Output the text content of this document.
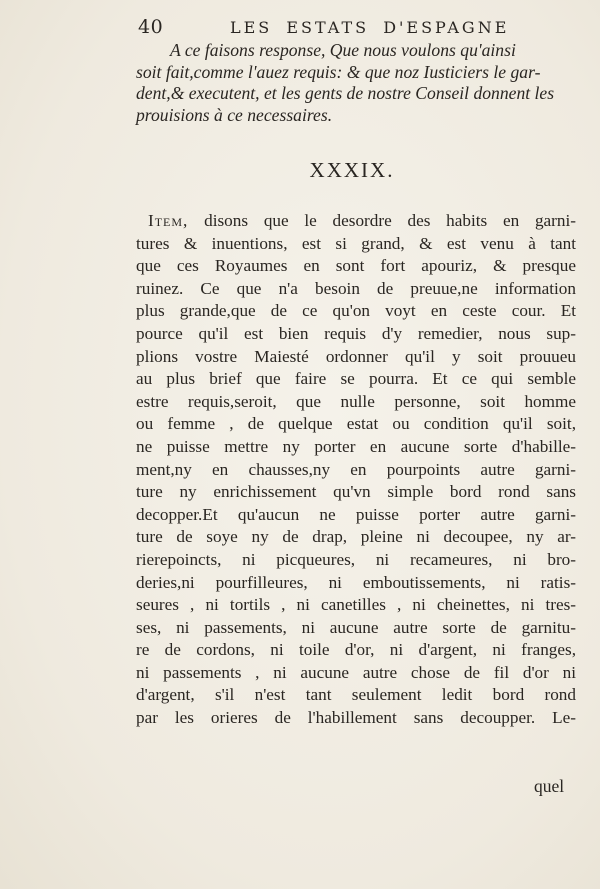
40	LES ESTATS D'ESPAGNE
A ce faisons response, Que nous voulons qu'ainsi
soit fait,comme l'auez requis: & que noz Iusticiers le gar-
dent,& executent, et les gents de nostre Conseil donnent les
prouisions à ce necessaires.
XXXIX.
Item, disons que le desordre des habits en garni-
tures & inuentions, est si grand, & est venu à tant
que ces Royaumes en sont fort apouriz, & presque
ruinez. Ce que n'a besoin de preuue,ne information
plus grande,que de ce qu'on voyt en ceste cour. Et
pource qu'il est bien requis d'y remedier, nous sup-
plions vostre Maiesté ordonner qu'il y soit prouueu
au plus brief que faire se pourra. Et ce qui semble
estre requis,seroit, que nulle personne, soit homme
ou femme , de quelque estat ou condition qu'il soit,
ne puisse mettre ny porter en aucune sorte d'habille-
ment,ny en chausses,ny en pourpoints autre garni-
ture ny enrichissement qu'vn simple bord rond sans
decopper.Et qu'aucun ne puisse porter autre garni-
ture de soye ny de drap, pleine ni decoupee, ny ar-
rierepoincts, ni picqueures, ni recameures, ni bro-
deries,ni pourfilleures, ni emboutissements, ni ratis-
seures , ni tortils , ni canetilles , ni cheinettes, ni tres-
ses, ni passements, ni aucune autre sorte de garnitu-
re de cordons, ni toile d'or, ni d'argent, ni franges,
ni passements , ni aucune autre chose de fil d'or ni
d'argent, s'il n'est tant seulement ledit bord rond
par les orieres de l'habillement sans decoupper. Le-
quel
